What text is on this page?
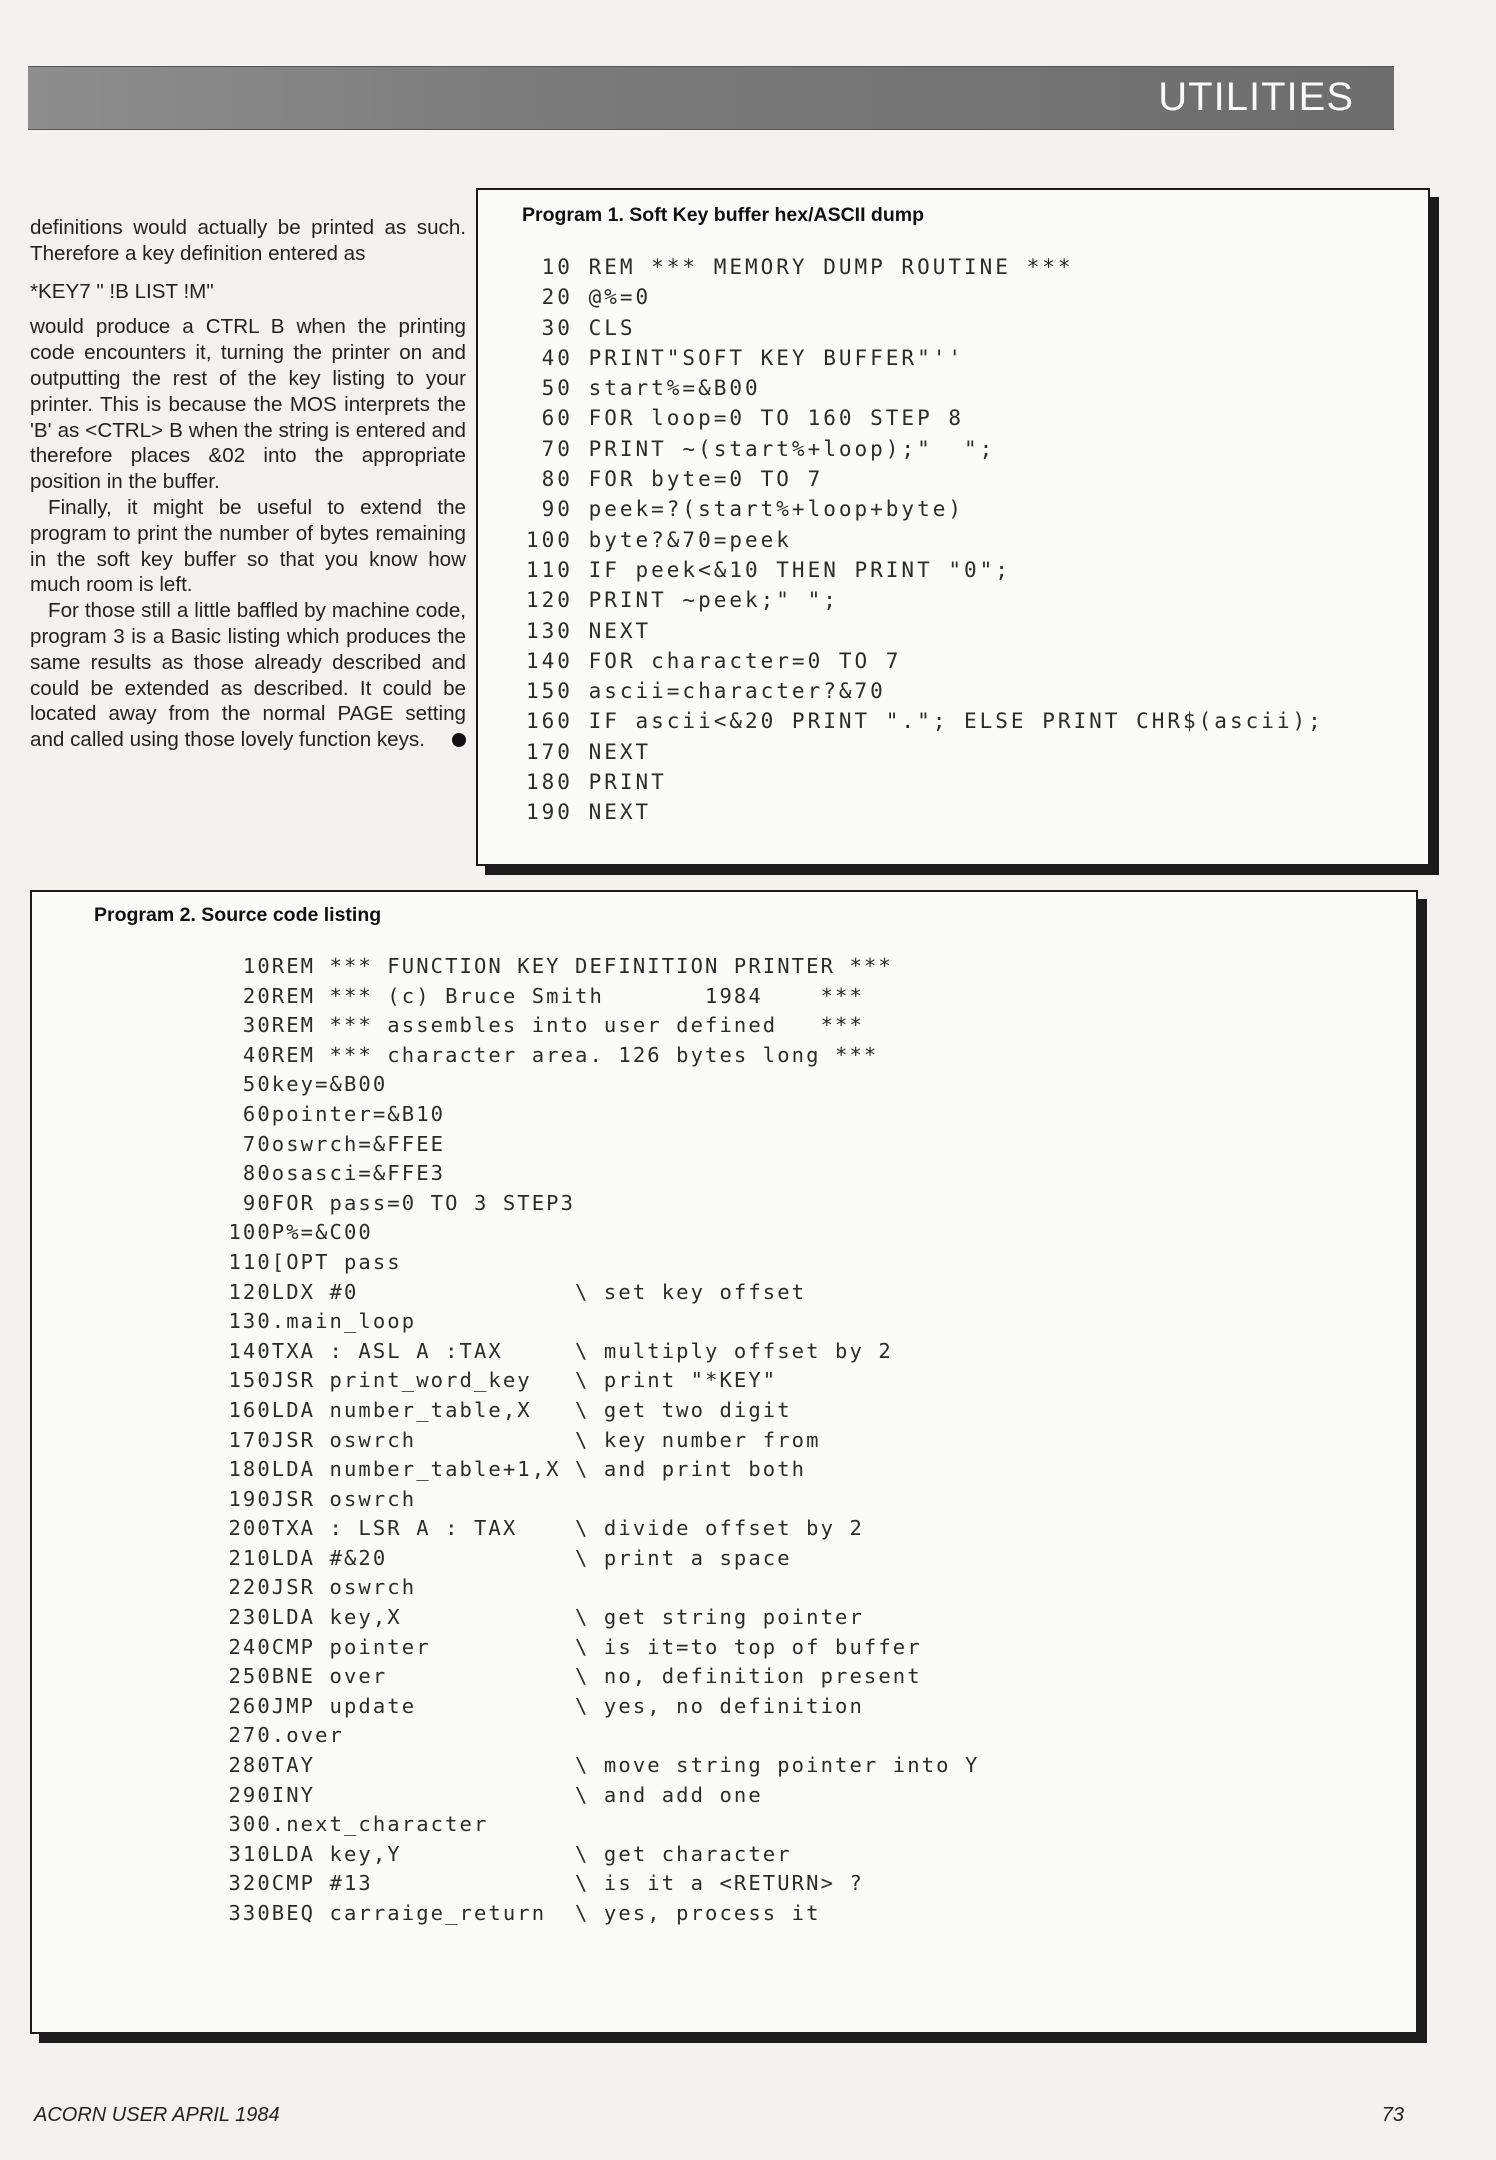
UTILITIES

definitions would actually be printed as such. Therefore a key definition entered as

*KEY7 " !B LIST !M"

would produce a CTRL B when the printing code encounters it, turning the printer on and outputting the rest of the key listing to your printer. This is because the MOS interprets the 'B' as <CTRL> B when the string is entered and therefore places &02 into the appropriate position in the buffer.

Finally, it might be useful to extend the program to print the number of bytes remaining in the soft key buffer so that you know how much room is left.

For those still a little baffled by machine code, program 3 is a Basic listing which produces the same results as those already described and could be extended as described. It could be located away from the normal PAGE setting and called using those lovely function keys.

Program 1. Soft Key buffer hex/ASCII dump
10 REM *** MEMORY DUMP ROUTINE ***
20 @%=0
30 CLS
40 PRINT"SOFT KEY BUFFER"''
50 start%=&B00
60 FOR loop=0 TO 160 STEP 8
70 PRINT ~(start%+loop);"  ";
80 FOR byte=0 TO 7
90 peek=?(start%+loop+byte)
100 byte?&70=peek
110 IF peek<&10 THEN PRINT "0";
120 PRINT ~peek;" ";
130 NEXT
140 FOR character=0 TO 7
150 ascii=character?&70
160 IF ascii<&20 PRINT "."; ELSE PRINT CHR$(ascii);
170 NEXT
180 PRINT
190 NEXT
Program 2. Source code listing
10REM *** FUNCTION KEY DEFINITION PRINTER ***
20REM *** (c) Bruce Smith       1984    ***
30REM *** assembles into user defined   ***
40REM *** character area. 126 bytes long ***
50key=&B00
60pointer=&B10
70oswrch=&FFEE
80osasci=&FFE3
90FOR pass=0 TO 3 STEP3
100P%=&C00
110[OPT pass
120LDX #0               \ set key offset
130.main_loop
140TXA : ASL A :TAX     \ multiply offset by 2
150JSR print_word_key   \ print "*KEY"
160LDA number_table,X   \ get two digit
170JSR oswrch           \ key number from
180LDA number_table+1,X \ and print both
190JSR oswrch
200TXA : LSR A : TAX    \ divide offset by 2
210LDA #&20             \ print a space
220JSR oswrch
230LDA key,X            \ get string pointer
240CMP pointer          \ is it=to top of buffer
250BNE over             \ no, definition present
260JMP update           \ yes, no definition
270.over
280TAY                  \ move string pointer into Y
290INY                  \ and add one
300.next_character
310LDA key,Y            \ get character
320CMP #13              \ is it a <RETURN> ?
330BEQ carraige_return  \ yes, process it
ACORN USER APRIL 1984	73
